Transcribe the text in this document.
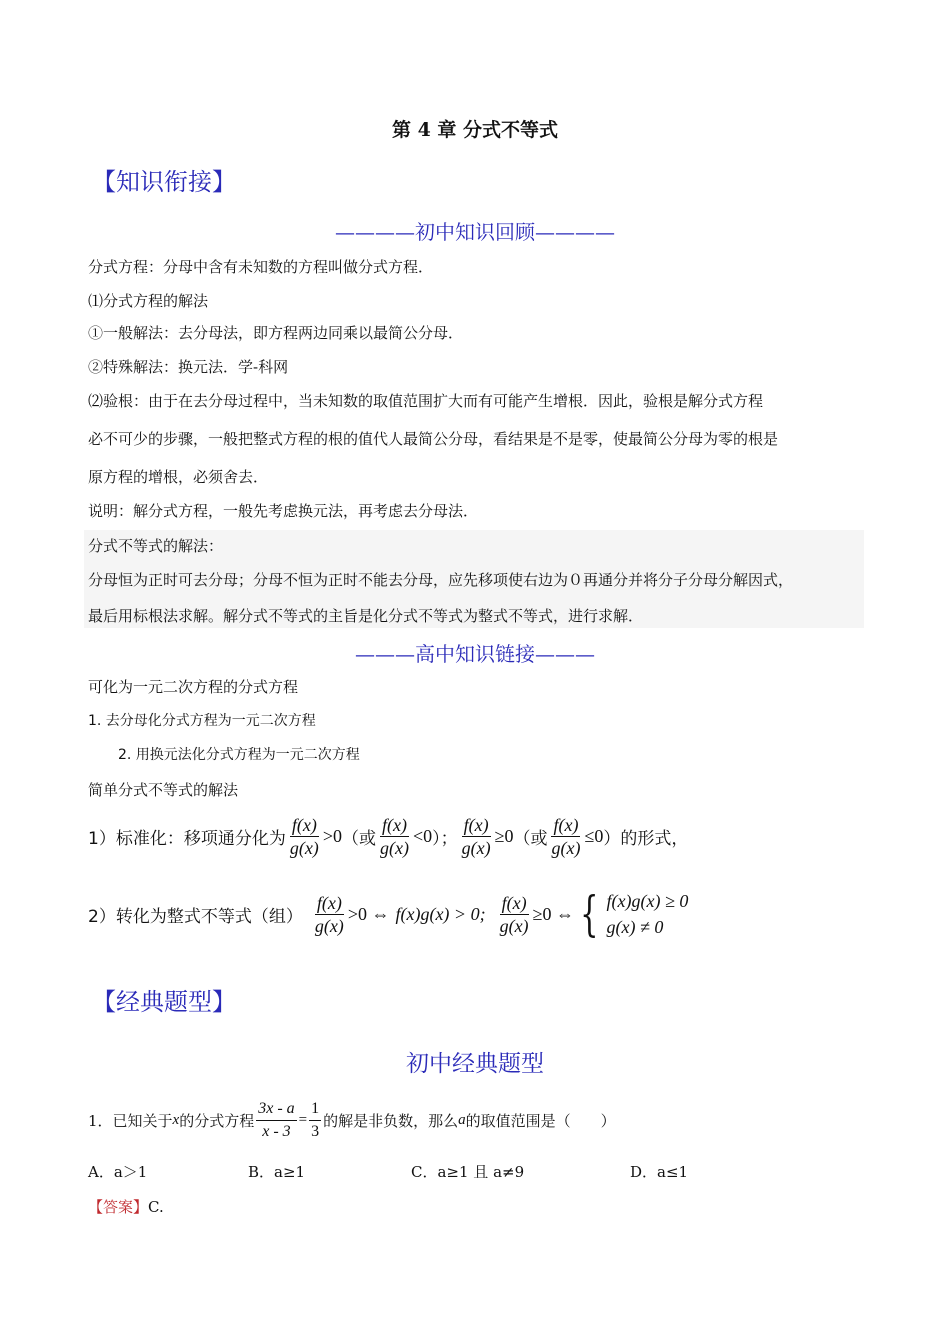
第 4 章 分式不等式
【知识衔接】
————初中知识回顾————
分式方程：分母中含有未知数的方程叫做分式方程．
⑴分式方程的解法
①一般解法：去分母法，即方程两边同乘以最简公分母．
②特殊解法：换元法．学-科网
⑵验根：由于在去分母过程中，当未知数的取值范围扩大而有可能产生增根．因此，验根是解分式方程
必不可少的步骤，一般把整式方程的根的值代人最简公分母，看结果是不是零，使最简公分母为零的根是
原方程的增根，必须舍去．
说明：解分式方程，一般先考虑换元法，再考虑去分母法．
分式不等式的解法：
分母恒为正时可去分母；分母不恒为正时不能去分母，应先移项使右边为０再通分并将分子分母分解因式，
最后用标根法求解。解分式不等式的主旨是化分式不等式为整式不等式，进行求解．
———高中知识链接———
可化为一元二次方程的分式方程
1. 去分母化分式方程为一元二次方程
2. 用换元法化分式方程为一元二次方程
简单分式不等式的解法
1）标准化：移项通分化为 $\frac{f(x)}{g(x)} >0$ （或 $\frac{f(x)}{g(x)} <0$ ）； $\frac{f(x)}{g(x)} \ge 0$ （或 $\frac{f(x)}{g(x)} \le 0$ ） 的形式，
2）转化为整式不等式（组） $\frac{f(x)}{g(x)} >0$ ⇔ f(x)g(x) > 0; $\frac{f(x)}{g(x)} \ge 0$ ⇔ { f(x)g(x) ≥ 0
g(x) ≠ 0
【经典题型】
初中经典题型
1．已知关于 x 的分式方程 $\frac{3x - a}{x - 3} = \frac{1}{3}$ 的解是非负数，那么 a 的取值范围是（　　）
A．a＞1	B．a≥1	C．a≥1 且 a≠9	D．a≤1
【答案】C.
